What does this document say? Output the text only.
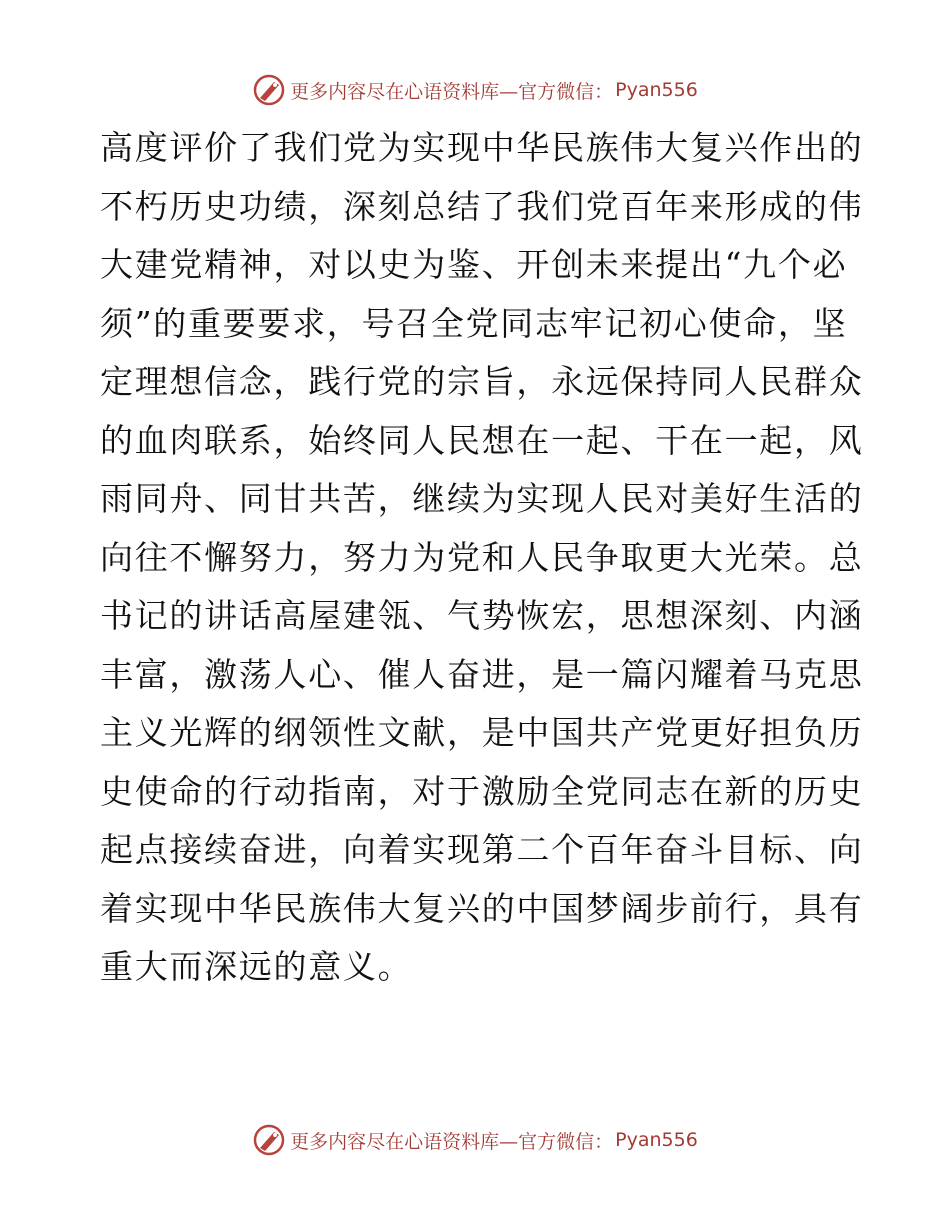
更多内容尽在心语资料库—官方微信： Pyan556
高度评价了我们党为实现中华民族伟大复兴作出的
不朽历史功绩，深刻总结了我们党百年来形成的伟
大建党精神，对以史为鉴、开创未来提出“九个必
须”的重要要求，号召全党同志牢记初心使命，坚
定理想信念，践行党的宗旨，永远保持同人民群众
的血肉联系，始终同人民想在一起、干在一起，风
雨同舟、同甘共苦，继续为实现人民对美好生活的
向往不懈努力，努力为党和人民争取更大光荣。总
书记的讲话高屋建瓴、气势恢宏，思想深刻、内涵
丰富，激荡人心、催人奋进，是一篇闪耀着马克思
主义光辉的纲领性文献，是中国共产党更好担负历
史使命的行动指南，对于激励全党同志在新的历史
起点接续奋进，向着实现第二个百年奋斗目标、向
着实现中华民族伟大复兴的中国梦阔步前行，具有
重大而深远的意义。
更多内容尽在心语资料库—官方微信： Pyan556
